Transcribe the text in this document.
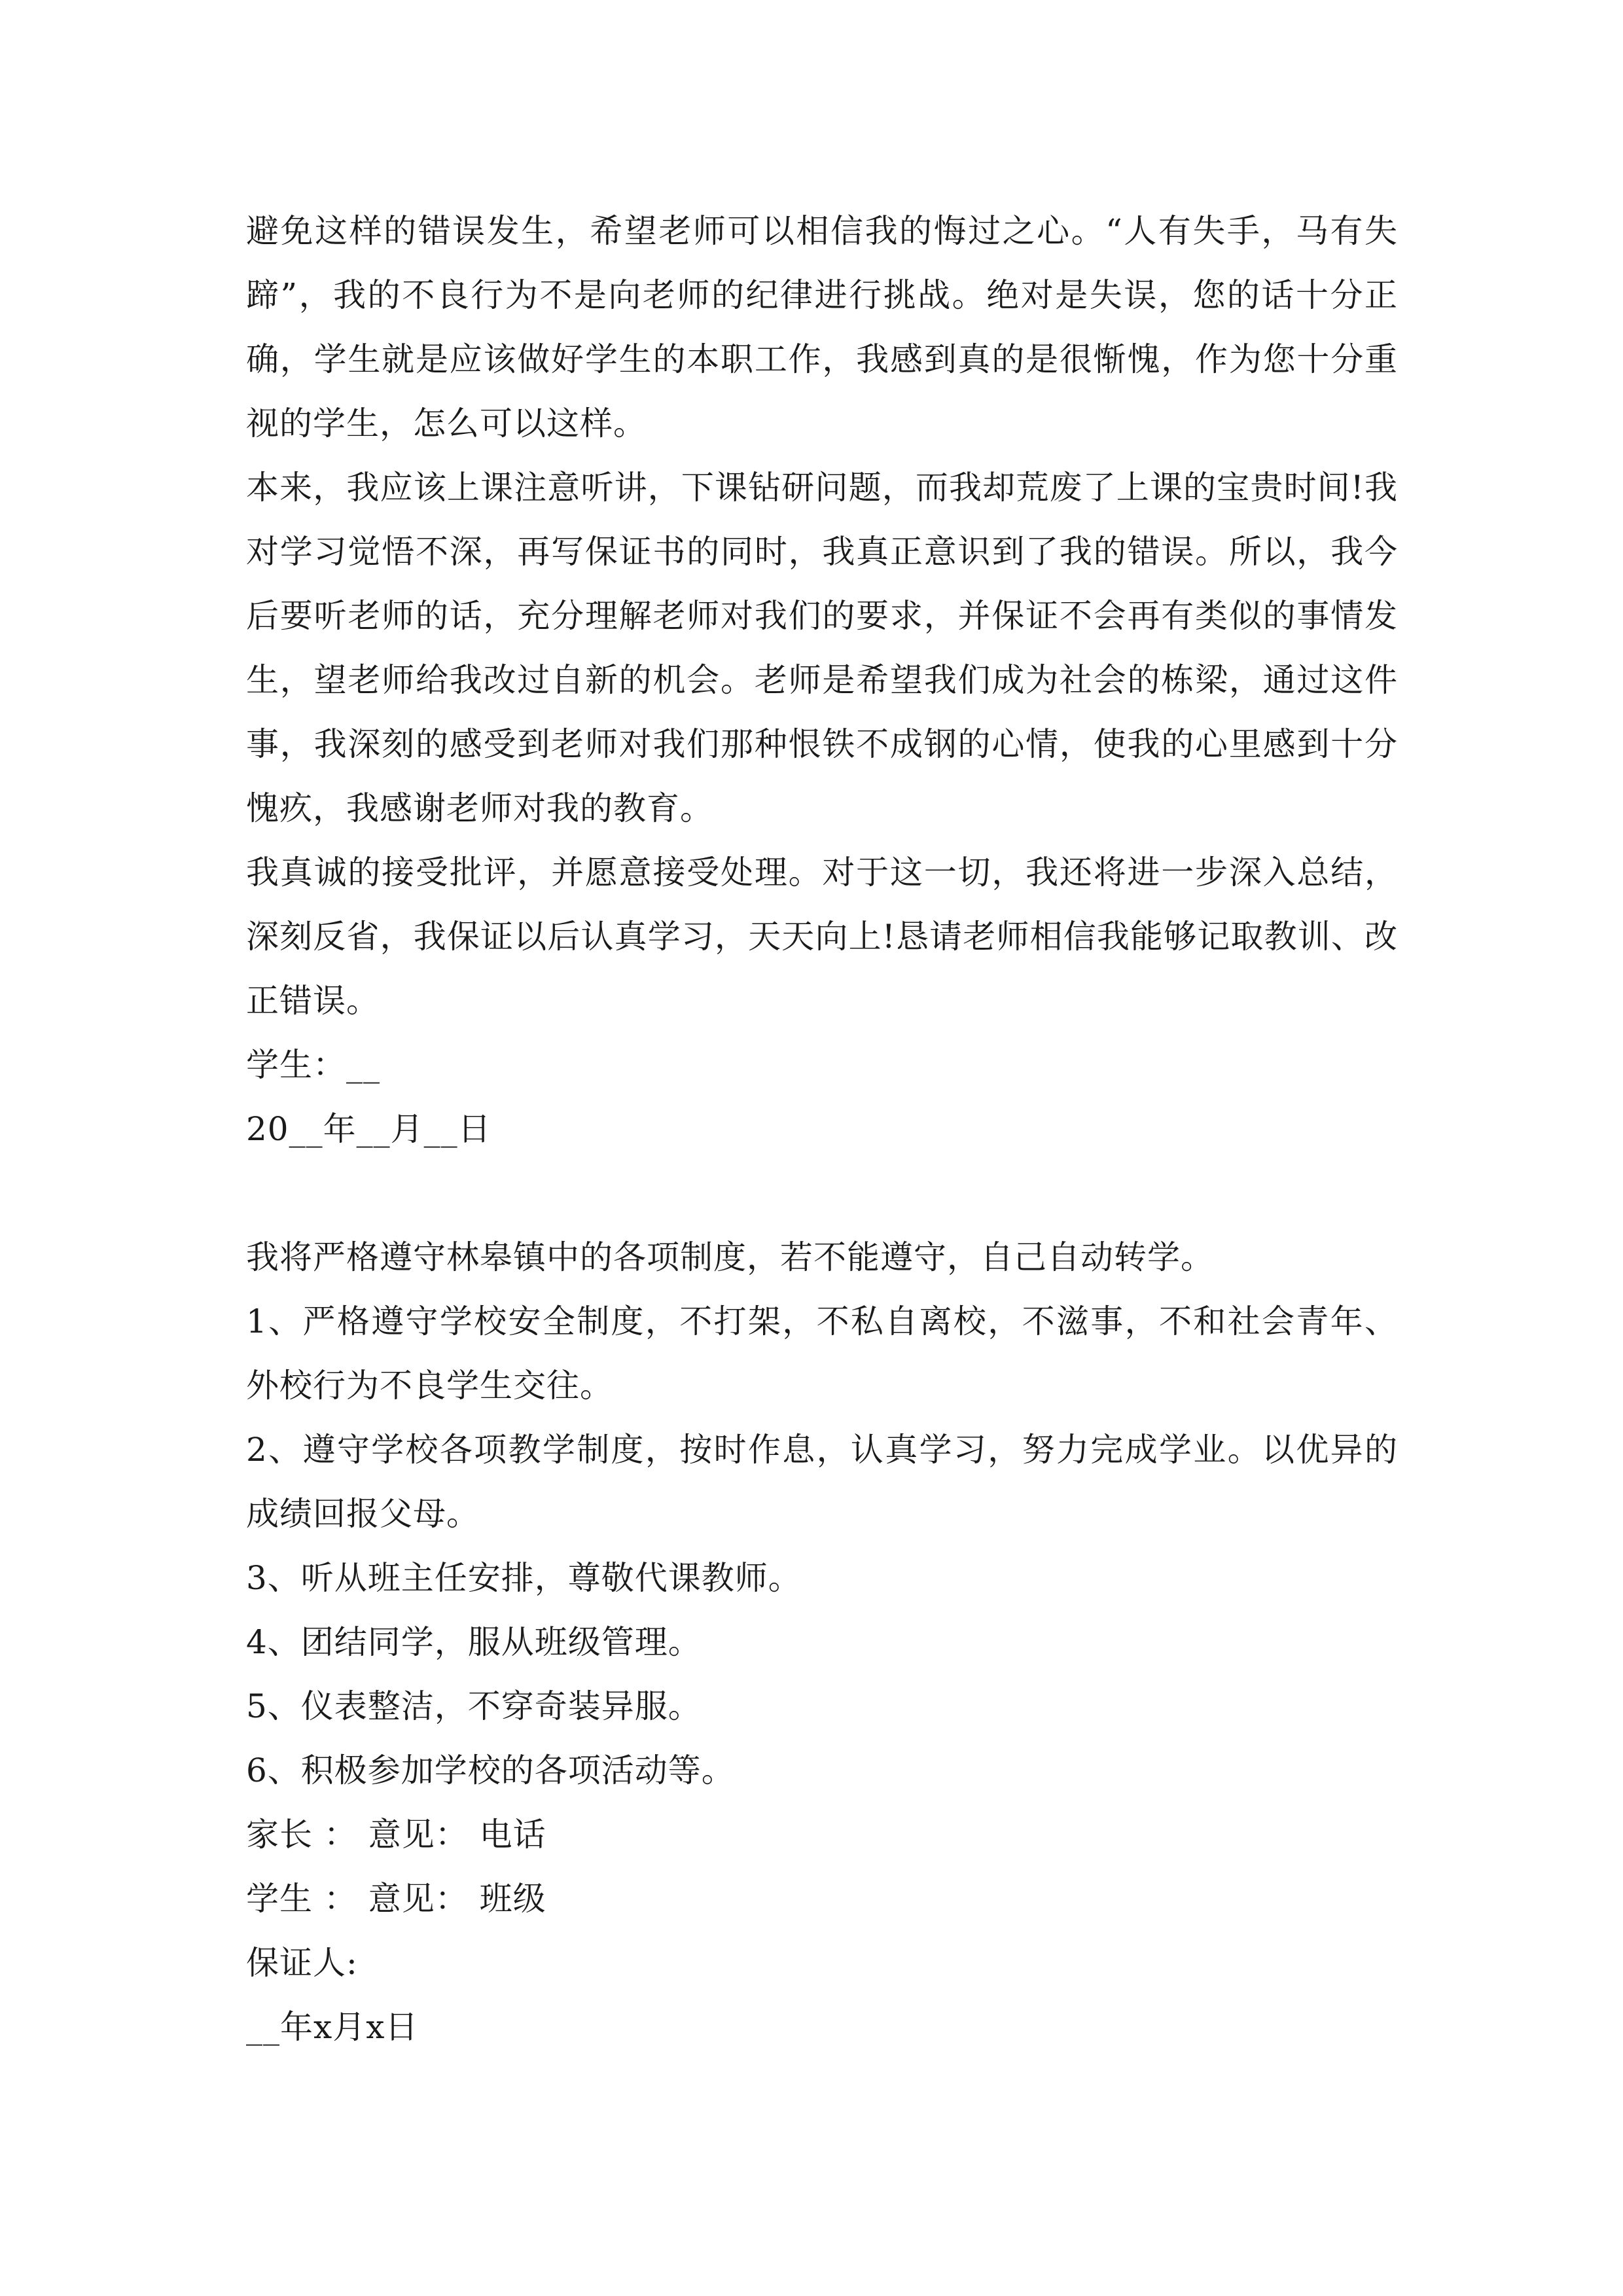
避免这样的错误发生，希望老师可以相信我的悔过之心。“人有失手，马有失蹄”，我的不良行为不是向老师的纪律进行挑战。绝对是失误，您的话十分正确，学生就是应该做好学生的本职工作，我感到真的是很惭愧，作为您十分重视的学生，怎么可以这样。

本来，我应该上课注意听讲，下课钻研问题，而我却荒废了上课的宝贵时间!我对学习觉悟不深，再写保证书的同时，我真正意识到了我的错误。所以，我今后要听老师的话，充分理解老师对我们的要求，并保证不会再有类似的事情发生，望老师给我改过自新的机会。老师是希望我们成为社会的栋梁，通过这件事，我深刻的感受到老师对我们那种恨铁不成钢的心情，使我的心里感到十分愧疚，我感谢老师对我的教育。

我真诚的接受批评，并愿意接受处理。对于这一切，我还将进一步深入总结，深刻反省，我保证以后认真学习，天天向上!恳请老师相信我能够记取教训、改正错误。

学生：__

20__年__月__日

我将严格遵守林皋镇中的各项制度，若不能遵守，自己自动转学。

1、严格遵守学校安全制度，不打架，不私自离校，不滋事，不和社会青年、外校行为不良学生交往。

2、遵守学校各项教学制度，按时作息，认真学习，努力完成学业。以优异的成绩回报父母。

3、听从班主任安排，尊敬代课教师。

4、团结同学，服从班级管理。

5、仪表整洁，不穿奇装异服。

6、积极参加学校的各项活动等。

家长 ： 意见： 电话

学生 ： 意见： 班级

保证人:

__年x月x日
